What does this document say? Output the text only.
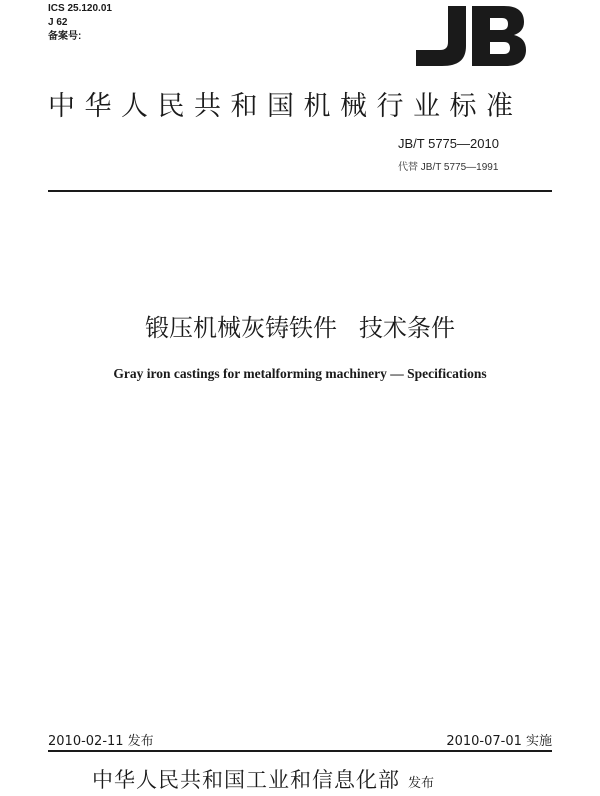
ICS 25.120.01
J 62
备案号:
中华人民共和国机械行业标准
JB/T 5775—2010
代替 JB/T 5775—1991
锻压机械灰铸铁件 技术条件
Gray iron castings for metalforming machinery — Specifications
2010-02-11 发布	2010-07-01 实施
中华人民共和国工业和信息化部 发布
